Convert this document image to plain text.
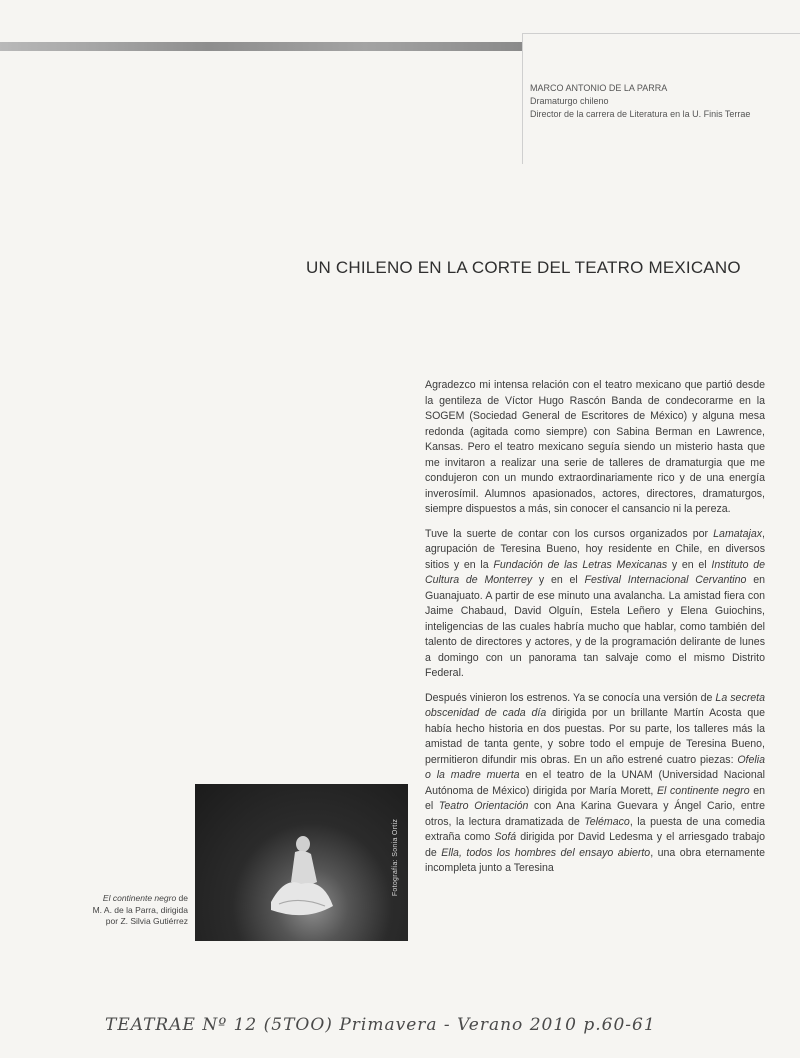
MARCO ANTONIO DE LA PARRA
Dramaturgo chileno
Director de la carrera de Literatura en la U. Finis Terrae
UN CHILENO EN LA CORTE DEL TEATRO MEXICANO

Agradezco mi intensa relación con el teatro mexicano que partió desde la gentileza de Víctor Hugo Rascón Banda de condecorarme en la SOGEM (Sociedad General de Escritores de México) y alguna mesa redonda (agitada como siempre) con Sabina Berman en Lawrence, Kansas. Pero el teatro mexicano seguía siendo un misterio hasta que me invitaron a realizar una serie de talleres de dramaturgia que me condujeron con un mundo extraordinariamente rico y de una energía inverosímil. Alumnos apasionados, actores, directores, dramaturgos, siempre dispuestos a más, sin conocer el cansancio ni la pereza.

Tuve la suerte de contar con los cursos organizados por Lamatajax, agrupación de Teresina Bueno, hoy residente en Chile, en diversos sitios y en la Fundación de las Letras Mexicanas y en el Instituto de Cultura de Monterrey y en el Festival Internacional Cervantino en Guanajuato. A partir de ese minuto una avalancha. La amistad fiera con Jaime Chabaud, David Olguín, Estela Leñero y Elena Guiochins, inteligencias de las cuales habría mucho que hablar, como también del talento de directores y actores, y de la programación delirante de lunes a domingo con un panorama tan salvaje como el mismo Distrito Federal.

Después vinieron los estrenos. Ya se conocía una versión de La secreta obscenidad de cada día dirigida por un brillante Martín Acosta que había hecho historia en dos puestas. Por su parte, los talleres más la amistad de tanta gente, y sobre todo el empuje de Teresina Bueno, permitieron difundir mis obras. En un año estrené cuatro piezas: Ofelia o la madre muerta en el teatro de la UNAM (Universidad Nacional Autónoma de México) dirigida por María Morett, El continente negro en el Teatro Orientación con Ana Karina Guevara y Ángel Cario, entre otros, la lectura dramatizada de Telémaco, la puesta de una comedia extraña como Sofá dirigida por David Ledesma y el arriesgado trabajo de Ella, todos los hombres del ensayo abierto, una obra eternamente incompleta junto a Teresina

Fotografía: Sonia Ortiz
El continente negro de
M. A. de la Parra, dirigida
por Z. Silvia Gutiérrez
TEATRAE Nº 12 (5TOO) Primavera - Verano 2010 p.60-61
